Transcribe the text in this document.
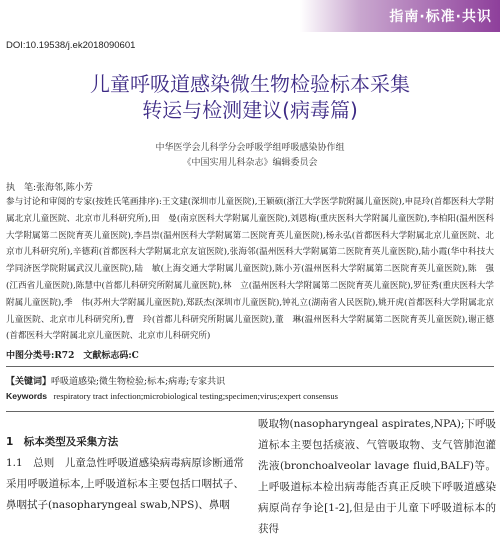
指南·标准·共识
DOI:10.19538/j.ek2018090601
儿童呼吸道感染微生物检验标本采集
转运与检测建议(病毒篇)
中华医学会儿科学分会呼吸学组呼吸感染协作组
《中国实用儿科杂志》编辑委员会
执　笔:张海邻,陈小芳
参与讨论和审阅的专家(按姓氏笔画排序):王文建(深圳市儿童医院),王颖硕(浙江大学医学院附属儿童医院),申昆玲(首都医科大学附属北京儿童医院、北京市儿科研究所),田　曼(南京医科大学附属儿童医院),刘恩梅(重庆医科大学附属儿童医院),李柏阳(温州医科大学附属第二医院育英儿童医院),李昌崇(温州医科大学附属第二医院育英儿童医院),杨永弘(首都医科大学附属北京儿童医院、北京市儿科研究所),辛德莉(首都医科大学附属北京友谊医院),张海邻(温州医科大学附属第二医院育英儿童医院),陆小霞(华中科技大学同济医学院附属武汉儿童医院),陆　敏(上海交通大学附属儿童医院),陈小芳(温州医科大学附属第二医院育英儿童医院),陈　强(江西省儿童医院),陈慧中(首都儿科研究所附属儿童医院),林　立(温州医科大学附属第二医院育英儿童医院),罗征秀(重庆医科大学附属儿童医院),季　伟(苏州大学附属儿童医院),郑跃杰(深圳市儿童医院),钟礼立(湖南省人民医院),姚开虎(首都医科大学附属北京儿童医院、北京市儿科研究所),曹　玲(首都儿科研究所附属儿童医院),董　琳(温州医科大学附属第二医院育英儿童医院),谢正德(首都医科大学附属北京儿童医院、北京市儿科研究所)
中图分类号:R72　文献标志码:C
【关键词】呼吸道感染;微生物检验;标本;病毒;专家共识
Keywords respiratory tract infection;microbiological testing;specimen;virus;expert consensus
1　标本类型及采集方法

1.1　总则　儿童急性呼吸道感染病毒病原诊断通常采用呼吸道标本,上呼吸道标本主要包括口咽拭子、鼻咽拭子(nasopharyngeal swab,NPS)、鼻咽

吸取物(nasopharyngeal aspirates,NPA);下呼吸道标本主要包括痰液、气管吸取物、支气管肺泡灌洗液(bronchoalveolar lavage fluid,BALF)等。上呼吸道标本检出病毒能否真正反映下呼吸道感染病原尚存争论[1-2],但是由于儿童下呼吸道标本的获得
